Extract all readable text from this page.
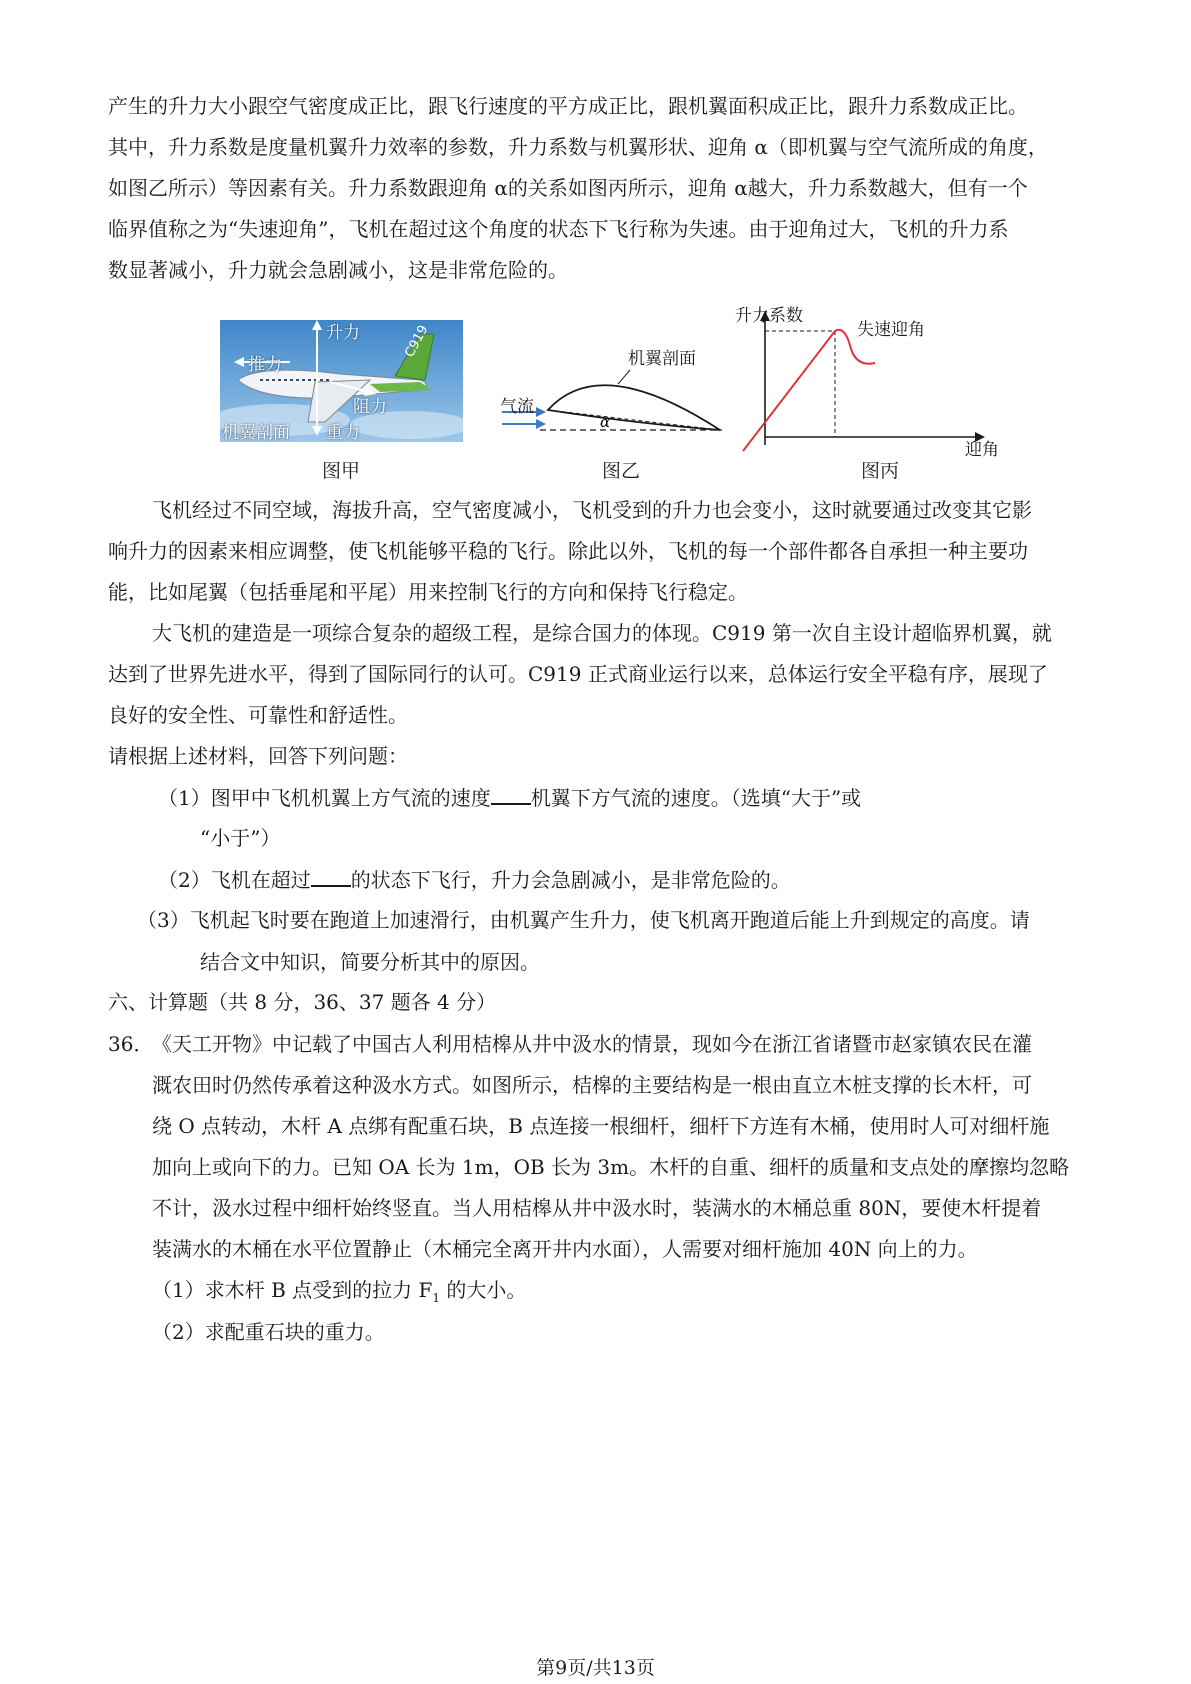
产生的升力大小跟空气密度成正比，跟飞行速度的平方成正比，跟机翼面积成正比，跟升力系数成正比。
其中，升力系数是度量机翼升力效率的参数，升力系数与机翼形状、迎角 α（即机翼与空气流所成的角度，
如图乙所示）等因素有关。升力系数跟迎角 α的关系如图丙所示，迎角 α越大，升力系数越大，但有一个
临界值称之为“失速迎角”，飞机在超过这个角度的状态下飞行称为失速。由于迎角过大，飞机的升力系
数显著减小，升力就会急剧减小，这是非常危险的。
C919
升力
推力
阻力
机翼剖面 重力
图甲
α
气流
机翼剖面
图乙
升力系数
失速迎角
迎角
图丙
飞机经过不同空域，海拔升高，空气密度减小，飞机受到的升力也会变小，这时就要通过改变其它影
响升力的因素来相应调整，使飞机能够平稳的飞行。除此以外，飞机的每一个部件都各自承担一种主要功
能，比如尾翼（包括垂尾和平尾）用来控制飞行的方向和保持飞行稳定。
大飞机的建造是一项综合复杂的超级工程，是综合国力的体现。C919 第一次自主设计超临界机翼，就
达到了世界先进水平，得到了国际同行的认可。C919 正式商业运行以来，总体运行安全平稳有序，展现了
良好的安全性、可靠性和舒适性。
请根据上述材料，回答下列问题：

（1）图甲中飞机机翼上方气流的速度 机翼下方气流的速度。（选填“大于”或

“小于”）

（2）飞机在超过 的状态下飞行，升力会急剧减小，是非常危险的。

（3）飞机起飞时要在跑道上加速滑行，由机翼产生升力，使飞机离开跑道后能上升到规定的高度。请

结合文中知识，简要分析其中的原因。

六、计算题（共 8 分，36、37 题各 4 分）

36．

《天工开物》中记载了中国古人利用桔槔从井中汲水的情景，现如今在浙江省诸暨市赵家镇农民在灌
溉农田时仍然传承着这种汲水方式。如图所示，桔槔的主要结构是一根由直立木桩支撑的长木杆，可
绕 O 点转动，木杆 A 点绑有配重石块，B 点连接一根细杆，细杆下方连有木桶，使用时人可对细杆施
加向上或向下的力。已知 OA 长为 1m，OB 长为 3m。木杆的自重、细杆的质量和支点处的摩擦均忽略
不计，汲水过程中细杆始终竖直。当人用桔槔从井中汲水时，装满水的木桶总重 80N，要使木杆提着
装满水的木桶在水平位置静止（木桶完全离开井内水面），人需要对细杆施加 40N 向上的力。

（1）求木杆 B 点受到的拉力 $F_1$ 的大小。

（2）求配重石块的重力。

第9页/共13页
